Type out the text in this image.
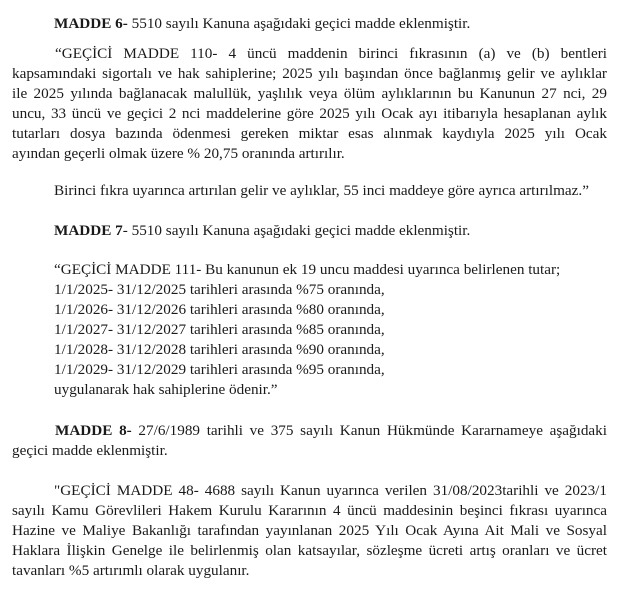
MADDE 6- 5510 sayılı Kanuna aşağıdaki geçici madde eklenmiştir.
“GEÇİCİ MADDE 110- 4 üncü maddenin birinci fıkrasının (a) ve (b) bentleri
kapsamındaki sigortalı ve hak sahiplerine; 2025 yılı başından önce bağlanmış gelir ve aylıklar
ile 2025 yılında bağlanacak malullük, yaşlılık veya ölüm aylıklarının bu Kanunun 27 nci, 29
uncu, 33 üncü ve geçici 2 nci maddelerine göre 2025 yılı Ocak ayı itibarıyla hesaplanan aylık
tutarları dosya bazında ödenmesi gereken miktar esas alınmak kaydıyla 2025 yılı Ocak
ayından geçerli olmak üzere % 20,75 oranında artırılır.
Birinci fıkra uyarınca artırılan gelir ve aylıklar, 55 inci maddeye göre ayrıca artırılmaz.”
MADDE 7- 5510 sayılı Kanuna aşağıdaki geçici madde eklenmiştir.
“GEÇİCİ MADDE 111- Bu kanunun ek 19 uncu maddesi uyarınca belirlenen tutar;
1/1/2025- 31/12/2025 tarihleri arasında %75 oranında,
1/1/2026- 31/12/2026 tarihleri arasında %80 oranında,
1/1/2027- 31/12/2027 tarihleri arasında %85 oranında,
1/1/2028- 31/12/2028 tarihleri arasında %90 oranında,
1/1/2029- 31/12/2029 tarihleri arasında %95 oranında,
uygulanarak hak sahiplerine ödenir.”
MADDE 8- 27/6/1989 tarihli ve 375 sayılı Kanun Hükmünde Kararnameye aşağıdaki
geçici madde eklenmiştir.
"GEÇİCİ MADDE 48- 4688 sayılı Kanun uyarınca verilen 31/08/2023tarihli ve 2023/1
sayılı Kamu Görevlileri Hakem Kurulu Kararının 4 üncü maddesinin beşinci fıkrası uyarınca
Hazine ve Maliye Bakanlığı tarafından yayınlanan 2025 Yılı Ocak Ayına Ait Mali ve Sosyal
Haklara İlişkin Genelge ile belirlenmiş olan katsayılar, sözleşme ücreti artış oranları ve ücret
tavanları %5 artırımlı olarak uygulanır.
